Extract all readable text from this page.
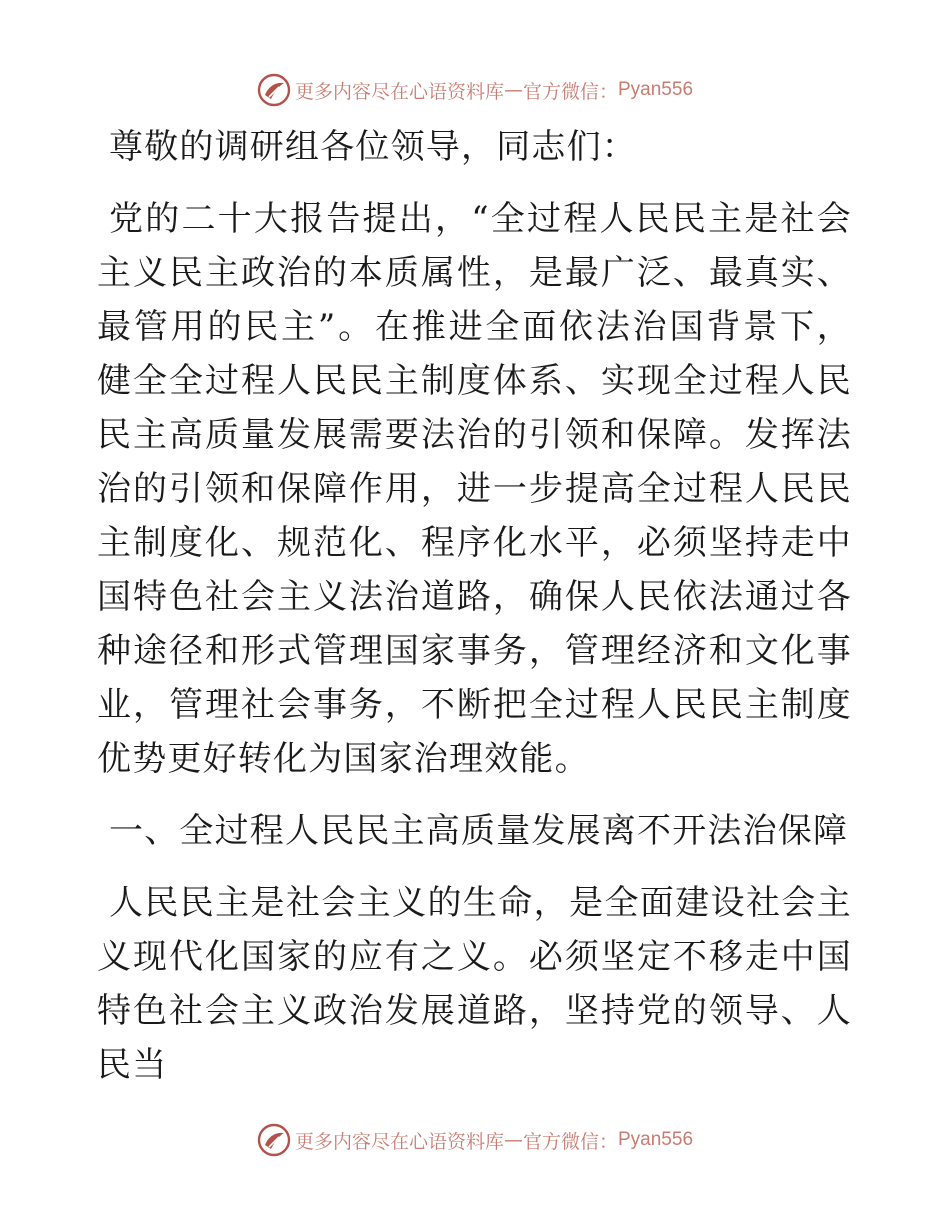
更多内容尽在心语资料库 — 官方微信： Pyan556

尊敬的调研组各位领导，同志们：

党的二十大报告提出，“全过程人民民主是社会主义民主政治的本质属性，是最广泛、最真实、最管用的民主”。在推进全面依法治国背景下，健全全过程人民民主制度体系、实现全过程人民民主高质量发展需要法治的引领和保障。发挥法治的引领和保障作用，进一步提高全过程人民民主制度化、规范化、程序化水平，必须坚持走中国特色社会主义法治道路，确保人民依法通过各种途径和形式管理国家事务，管理经济和文化事业，管理社会事务，不断把全过程人民民主制度优势更好转化为国家治理效能。

一、全过程人民民主高质量发展离不开法治保障

人民民主是社会主义的生命，是全面建设社会主义现代化国家的应有之义。必须坚定不移走中国特色社会主义政治发展道路，坚持党的领导、人民当

更多内容尽在心语资料库 — 官方微信： Pyan556
